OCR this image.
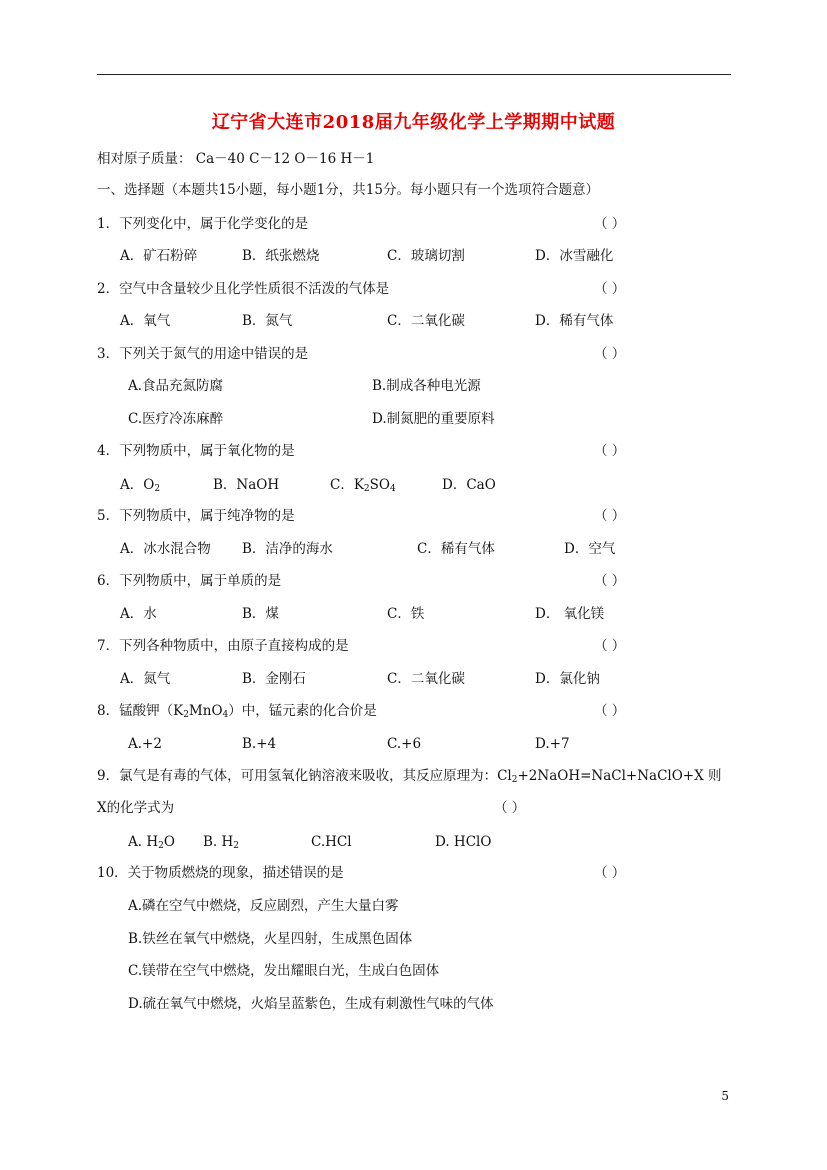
辽宁省大连市2018届九年级化学上学期期中试题
相对原子质量： Ca－40 C－12 O－16 H－1
一、选择题（本题共15小题，每小题1分，共15分。每小题只有一个选项符合题意）
1．下列变化中，属于化学变化的是	（ ）
A．矿石粉碎	B．纸张燃烧	C．玻璃切割	D．冰雪融化
2．空气中含量较少且化学性质很不活泼的气体是	（ ）
A．氧气	B．氮气	C．二氧化碳	D．稀有气体
3．下列关于氮气的用途中错误的是	（ ）
A.食品充氮防腐	B.制成各种电光源
C.医疗冷冻麻醉	D.制氮肥的重要原料
4．下列物质中，属于氧化物的是	（ ）
A．$O_2$	B．NaOH	C．$K_2SO_4$	D．CaO
5．下列物质中，属于纯净物的是	（ ）
A．冰水混合物 B．洁净的海水	C．稀有气体	D．空气
6．下列物质中，属于单质的是	（ ）
A．水	B．煤	C．铁	D． 氧化镁
7．下列各种物质中，由原子直接构成的是	（ ）
A．氮气	B．金刚石	C．二氧化碳	D．氯化钠
8．锰酸钾$(K_2MnO_4)$中，锰元素的化合价是	（ ）
A.+2	B.+4	C.+6	D.+7
9．氯气是有毒的气体，可用氢氧化钠溶液来吸收，其反应原理为：$Cl_2+2NaOH=NaCl+NaClO+X$ 则
X的化学式为	（ ）
A. $H_2O$ B. $H_2$	C.HCl	D. HClO
10．关于物质燃烧的现象，描述错误的是	（ ）
A.磷在空气中燃烧，反应剧烈，产生大量白雾
B.铁丝在氧气中燃烧，火星四射，生成黑色固体
C.镁带在空气中燃烧，发出耀眼白光，生成白色固体
D.硫在氧气中燃烧，火焰呈蓝紫色，生成有刺激性气味的气体
5
